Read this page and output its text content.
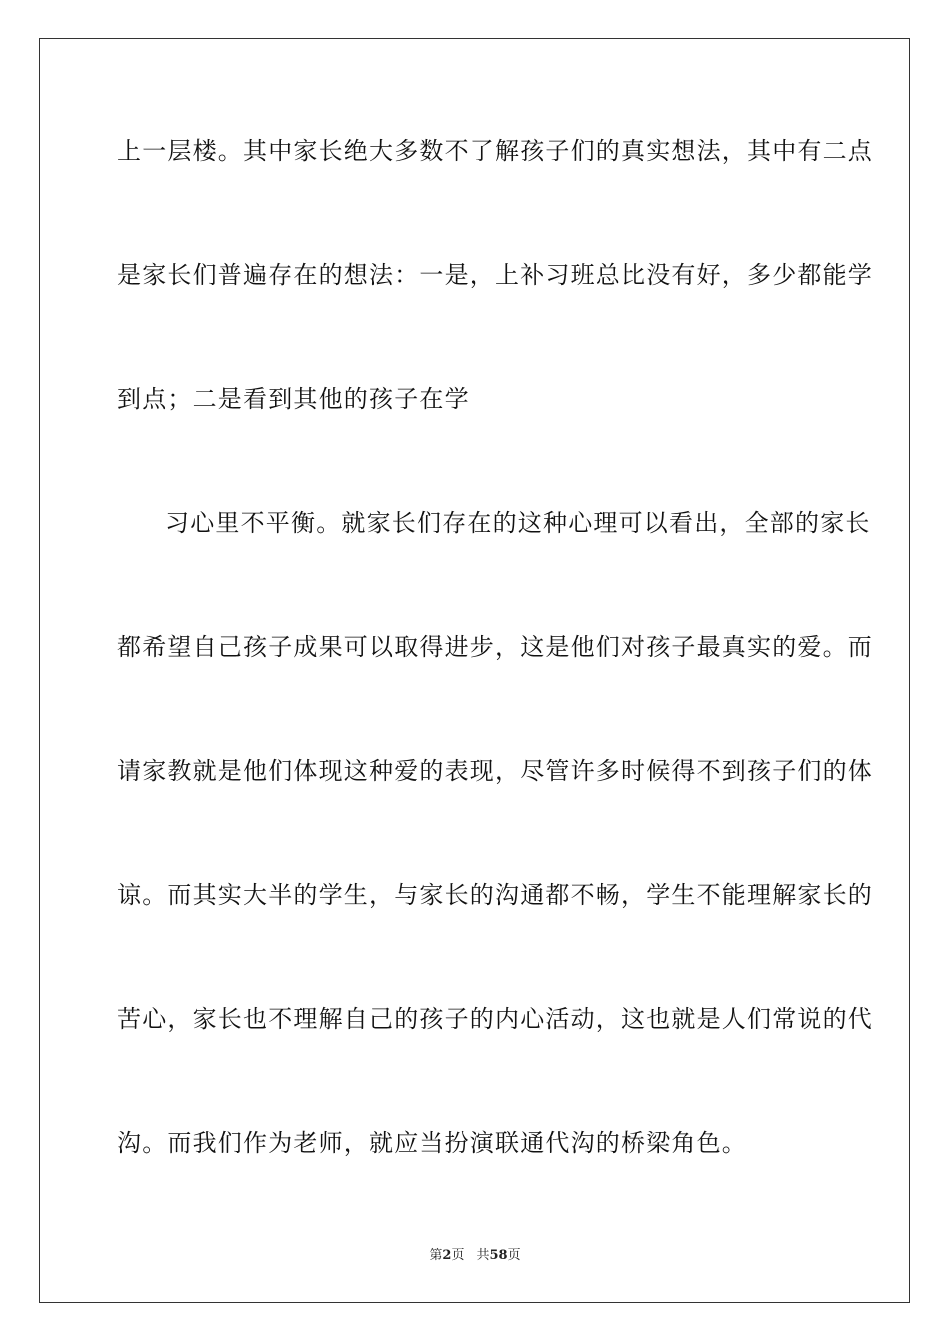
上一层楼。其中家长绝大多数不了解孩子们的真实想法，其中有二点
是家长们普遍存在的想法：一是，上补习班总比没有好，多少都能学
到点；二是看到其他的孩子在学
习心里不平衡。就家长们存在的这种心理可以看出，全部的家长
都希望自己孩子成果可以取得进步，这是他们对孩子最真实的爱。而
请家教就是他们体现这种爱的表现，尽管许多时候得不到孩子们的体
谅。而其实大半的学生，与家长的沟通都不畅，学生不能理解家长的
苦心，家长也不理解自己的孩子的内心活动，这也就是人们常说的代
沟。而我们作为老师，就应当扮演联通代沟的桥梁角色。
第2页 共58页
